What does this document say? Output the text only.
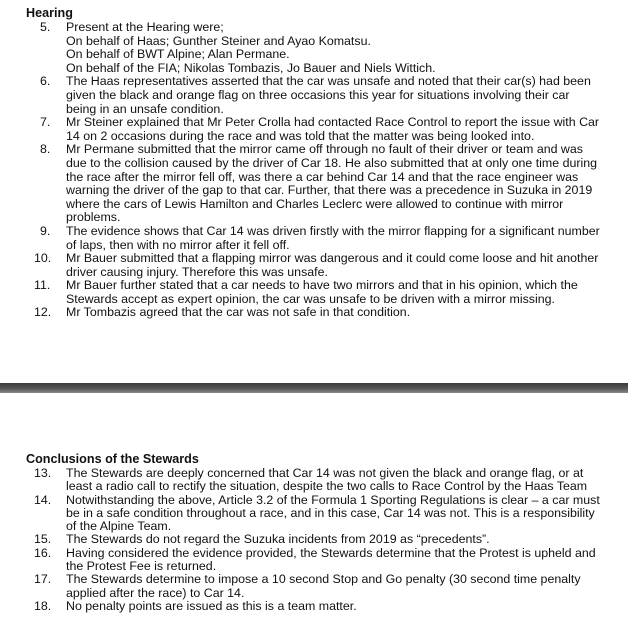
Hearing
5.	Present at the Hearing were;
On behalf of Haas; Gunther Steiner and Ayao Komatsu.
On behalf of BWT Alpine; Alan Permane.
On behalf of the FIA; Nikolas Tombazis, Jo Bauer and Niels Wittich.
6.	The Haas representatives asserted that the car was unsafe and noted that their car(s) had been given the black and orange flag on three occasions this year for situations involving their car being in an unsafe condition.
7.	Mr Steiner explained that Mr Peter Crolla had contacted Race Control to report the issue with Car 14 on 2 occasions during the race and was told that the matter was being looked into.
8.	Mr Permane submitted that the mirror came off through no fault of their driver or team and was due to the collision caused by the driver of Car 18. He also submitted that at only one time during the race after the mirror fell off, was there a car behind Car 14 and that the race engineer was warning the driver of the gap to that car. Further, that there was a precedence in Suzuka in 2019 where the cars of Lewis Hamilton and Charles Leclerc were allowed to continue with mirror problems.
9.	The evidence shows that Car 14 was driven firstly with the mirror flapping for a significant number of laps, then with no mirror after it fell off.
10.	Mr Bauer submitted that a flapping mirror was dangerous and it could come loose and hit another driver causing injury. Therefore this was unsafe.
11.	Mr Bauer further stated that a car needs to have two mirrors and that in his opinion, which the Stewards accept as expert opinion, the car was unsafe to be driven with a mirror missing.
12.	Mr Tombazis agreed that the car was not safe in that condition.
Conclusions of the Stewards
13.	The Stewards are deeply concerned that Car 14 was not given the black and orange flag, or at least a radio call to rectify the situation, despite the two calls to Race Control by the Haas Team
14.	Notwithstanding the above, Article 3.2 of the Formula 1 Sporting Regulations is clear – a car must be in a safe condition throughout a race, and in this case, Car 14 was not. This is a responsibility of the Alpine Team.
15.	The Stewards do not regard the Suzuka incidents from 2019 as “precedents”.
16.	Having considered the evidence provided, the Stewards determine that the Protest is upheld and the Protest Fee is returned.
17.	The Stewards determine to impose a 10 second Stop and Go penalty (30 second time penalty applied after the race) to Car 14.
18.	No penalty points are issued as this is a team matter.
